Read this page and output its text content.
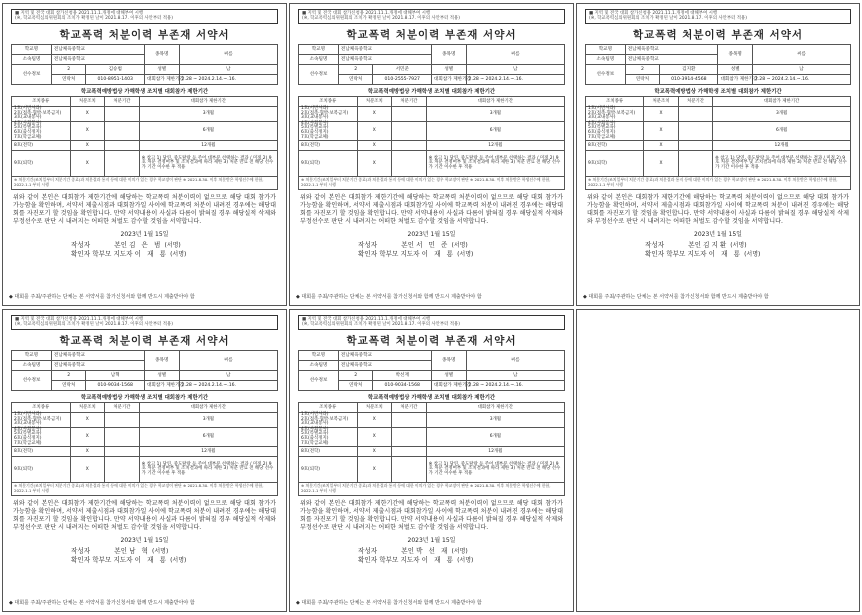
■ 지역 및 전국 대회 참가신청용 2021.11.1.개정에 대해부여 시행
(※, 학교폭력심의위원회의 조치가 확정된 날이 2021.8.17. 이후의 사안부터 적용)
학교폭력 처분이력 부존재 서약서
학교명	전남체육중학교		종목명	씨름
소속팀명	전남체육중학교			
선수정보	2	김승범	성별	남
	연락처	010-8951-1403	대회참가 제한기간	2.28 ~ 2024.2.14.~.16.
학교폭력예방법상 가해학생 조치별 대회참가 제한기간
조치종류	처분조치	처분기간	대회참가 제한기간
1호(서면사과)
2호(접촉·협박·보복금지)
3호(교내봉사)	X		3개월
4호(사회봉사)
5호(특별교육)
6호(출석정지)
7호(학급교체)	X		6개월
8호(전학)	X		12개월
9호(퇴학)	X		※ 참고 1) 당연, 중도탈락 등 주어 대부분 선택하는 결과 / 미정 2) 9호 처분 결정여부 및 조치결과에 따라 제한 3) 처분 만료 전 해당 선수가 기간 이수한 후 적용
※ 처분기간(조치일부터 처분기간 종료)과 처분결과 통지 등에 대한 이의가 있는 경우 학교장이 판단 ※ 2021.8.30. 이후 처분받은 학생선수에 한함, 2022.1.1 부터 시행
위와 같이 본인은 대회참가 제한기간에 해당하는 학교폭력 처분이력이 없으므로 해당 대회 참가가 가능함을 확인하며, 서약서 제출시점과 대회참가일 사이에 학교폭력 처분이 내려진 경우에는 해당대회를 자진포기 할 것임을 확인합니다. 만약 서약내용이 사실과 다름이 밝혀질 경우 해당실적 삭제와 부정선수로 판단 시 내려지는 어떠한 처벌도 감수할 것임을 서약합니다.
2023년 1월 15일
작성자	본인 김 은 범 (서명)
확인자 학부모 지도자 이 재 룡 (서명)
◆ 대회를 주최/주관하는 단체는 본 서약서를 참가신청서와 함께 반드시 제출받아야 함
■ 지역 및 전국 대회 참가신청용 2021.11.1.개정에 대해부여 시행
(※, 학교폭력심의위원회의 조치가 확정된 날이 2021.8.17. 이후의 사안부터 적용)
학교폭력 처분이력 부존재 서약서
학교명	전남체육중학교		종목명	씨름
소속팀명	전남체육중학교			
선수정보	2	서민준	성별	남
	연락처	010-2555-7927	대회참가 제한기간	2.28 ~ 2024.2.14.~.16.
학교폭력예방법상 가해학생 조치별 대회참가 제한기간
조치종류	처분조치	처분기간	대회참가 제한기간
1호(서면사과)
2호(접촉·협박·보복금지)
3호(교내봉사)	X		3개월
4호(사회봉사)
5호(특별교육)
6호(출석정지)
7호(학급교체)	X		6개월
8호(전학)	X		12개월
9호(퇴학)	X		※ 참고 1) 당연, 중도탈락 등 주어 대부분 선택하는 결과 / 미정 2) 9호 처분 결정여부 및 조치결과에 따라 제한 3) 처분 만료 전 해당 선수가 기간 이수한 후 적용
※ 처분기간(조치일부터 처분기간 종료)과 처분결과 통지 등에 대한 이의가 있는 경우 학교장이 판단 ※ 2021.8.30. 이후 처분받은 학생선수에 한함, 2022.1.1 부터 시행
위와 같이 본인은 대회참가 제한기간에 해당하는 학교폭력 처분이력이 없으므로 해당 대회 참가가 가능함을 확인하며, 서약서 제출시점과 대회참가일 사이에 학교폭력 처분이 내려진 경우에는 해당대회를 자진포기 할 것임을 확인합니다. 만약 서약내용이 사실과 다름이 밝혀질 경우 해당실적 삭제와 부정선수로 판단 시 내려지는 어떠한 처벌도 감수할 것임을 서약합니다.
2023년 1월 15일
작성자	본인 서 민 준 (서명)
확인자 학부모 지도자 이 재 룡 (서명)
◆ 대회를 주최/주관하는 단체는 본 서약서를 참가신청서와 함께 반드시 제출받아야 함
■ 지역 및 전국 대회 참가신청용 2021.11.1.개정에 대해부여 시행
(※, 학교폭력심의위원회의 조치가 확정된 날이 2021.8.17. 이후의 사안부터 적용)
학교폭력 처분이력 부존재 서약서
학교명	전남체육중학교		종목명	씨름
소속팀명	전남체육중학교			
선수정보	2	김지환	성별	남
	연락처	010-3914-4568	대회참가 제한기간	2.28 ~ 2024.2.14.~.16.
학교폭력예방법상 가해학생 조치별 대회참가 제한기간
조치종류	처분조치	처분기간	대회참가 제한기간
1호(서면사과)
2호(접촉·협박·보복금지)
3호(교내봉사)	X		3개월
4호(사회봉사)
5호(특별교육)
6호(출석정지)
7호(학급교체)	X		6개월
8호(전학)	X		12개월
9호(퇴학)	X		※ 참고 1) 당연, 중도탈락 등 주어 대부분 선택하는 결과 / 미정 2) 9호 처분 결정여부 및 조치결과에 따라 제한 3) 처분 만료 전 해당 선수가 기간 이수한 후 적용
※ 처분기간(조치일부터 처분기간 종료)과 처분결과 통지 등에 대한 이의가 있는 경우 학교장이 판단 ※ 2021.8.30. 이후 처분받은 학생선수에 한함, 2022.1.1 부터 시행
위와 같이 본인은 대회참가 제한기간에 해당하는 학교폭력 처분이력이 없으므로 해당 대회 참가가 가능함을 확인하며, 서약서 제출시점과 대회참가일 사이에 학교폭력 처분이 내려진 경우에는 해당대회를 자진포기 할 것임을 확인합니다. 만약 서약내용이 사실과 다름이 밝혀질 경우 해당실적 삭제와 부정선수로 판단 시 내려지는 어떠한 처벌도 감수할 것임을 서약합니다.
2023년 1월 15일
작성자	본인 김지환 (서명)
확인자 학부모 지도자 이 재 룡 (서명)
◆ 대회를 주최/주관하는 단체는 본 서약서를 참가신청서와 함께 반드시 제출받아야 함
■ 지역 및 전국 대회 참가신청용 2021.11.1.개정에 대해부여 시행
(※, 학교폭력심의위원회의 조치가 확정된 날이 2021.8.17. 이후의 사안부터 적용)
학교폭력 처분이력 부존재 서약서
학교명	전남체육중학교		종목명	씨름
소속팀명	전남체육중학교			
선수정보	2	남혁	성별	남
	연락처	010-9034-1568	대회참가 제한기간	2.28 ~ 2024.2.14.~.16.
학교폭력예방법상 가해학생 조치별 대회참가 제한기간
조치종류	처분조치	처분기간	대회참가 제한기간
1호(서면사과)
2호(접촉·협박·보복금지)
3호(교내봉사)	X		3개월
4호(사회봉사)
5호(특별교육)
6호(출석정지)
7호(학급교체)	X		6개월
8호(전학)	X		12개월
9호(퇴학)	X		※ 참고 1) 당연, 중도탈락 등 주어 대부분 선택하는 결과 / 미정 2) 9호 처분 결정여부 및 조치결과에 따라 제한 3) 처분 만료 전 해당 선수가 기간 이수한 후 적용
※ 처분기간(조치일부터 처분기간 종료)과 처분결과 통지 등에 대한 이의가 있는 경우 학교장이 판단 ※ 2021.8.30. 이후 처분받은 학생선수에 한함, 2022.1.1 부터 시행
위와 같이 본인은 대회참가 제한기간에 해당하는 학교폭력 처분이력이 없으므로 해당 대회 참가가 가능함을 확인하며, 서약서 제출시점과 대회참가일 사이에 학교폭력 처분이 내려진 경우에는 해당대회를 자진포기 할 것임을 확인합니다. 만약 서약내용이 사실과 다름이 밝혀질 경우 해당실적 삭제와 부정선수로 판단 시 내려지는 어떠한 처벌도 감수할 것임을 서약합니다.
2023년 1월 15일
작성자	본인 남 혁 (서명)
확인자 학부모 지도자 이 재 룡 (서명)
◆ 대회를 주최/주관하는 단체는 본 서약서를 참가신청서와 함께 반드시 제출받아야 함
■ 지역 및 전국 대회 참가신청용 2021.11.1.개정에 대해부여 시행
(※, 학교폭력심의위원회의 조치가 확정된 날이 2021.8.17. 이후의 사안부터 적용)
학교폭력 처분이력 부존재 서약서
학교명	전남체육중학교		종목명	씨름
소속팀명	전남체육중학교			
선수정보	2	박선재	성별	남
	연락처	010-9034-1568	대회참가 제한기간	2.28 ~ 2024.2.14.~.16.
학교폭력예방법상 가해학생 조치별 대회참가 제한기간
조치종류	처분조치	처분기간	대회참가 제한기간
1호(서면사과)
2호(접촉·협박·보복금지)
3호(교내봉사)	X		3개월
4호(사회봉사)
5호(특별교육)
6호(출석정지)
7호(학급교체)	X		6개월
8호(전학)	X		12개월
9호(퇴학)	X		※ 참고 1) 당연, 중도탈락 등 주어 대부분 선택하는 결과 / 미정 2) 9호 처분 결정여부 및 조치결과에 따라 제한 3) 처분 만료 전 해당 선수가 기간 이수한 후 적용
※ 처분기간(조치일부터 처분기간 종료)과 처분결과 통지 등에 대한 이의가 있는 경우 학교장이 판단 ※ 2021.8.30. 이후 처분받은 학생선수에 한함, 2022.1.1 부터 시행
위와 같이 본인은 대회참가 제한기간에 해당하는 학교폭력 처분이력이 없으므로 해당 대회 참가가 가능함을 확인하며, 서약서 제출시점과 대회참가일 사이에 학교폭력 처분이 내려진 경우에는 해당대회를 자진포기 할 것임을 확인합니다. 만약 서약내용이 사실과 다름이 밝혀질 경우 해당실적 삭제와 부정선수로 판단 시 내려지는 어떠한 처벌도 감수할 것임을 서약합니다.
2023년 1월 15일
작성자	본인 박 선 재 (서명)
확인자 학부모 지도자 이 재 룡 (서명)
◆ 대회를 주최/주관하는 단체는 본 서약서를 참가신청서와 함께 반드시 제출받아야 함
